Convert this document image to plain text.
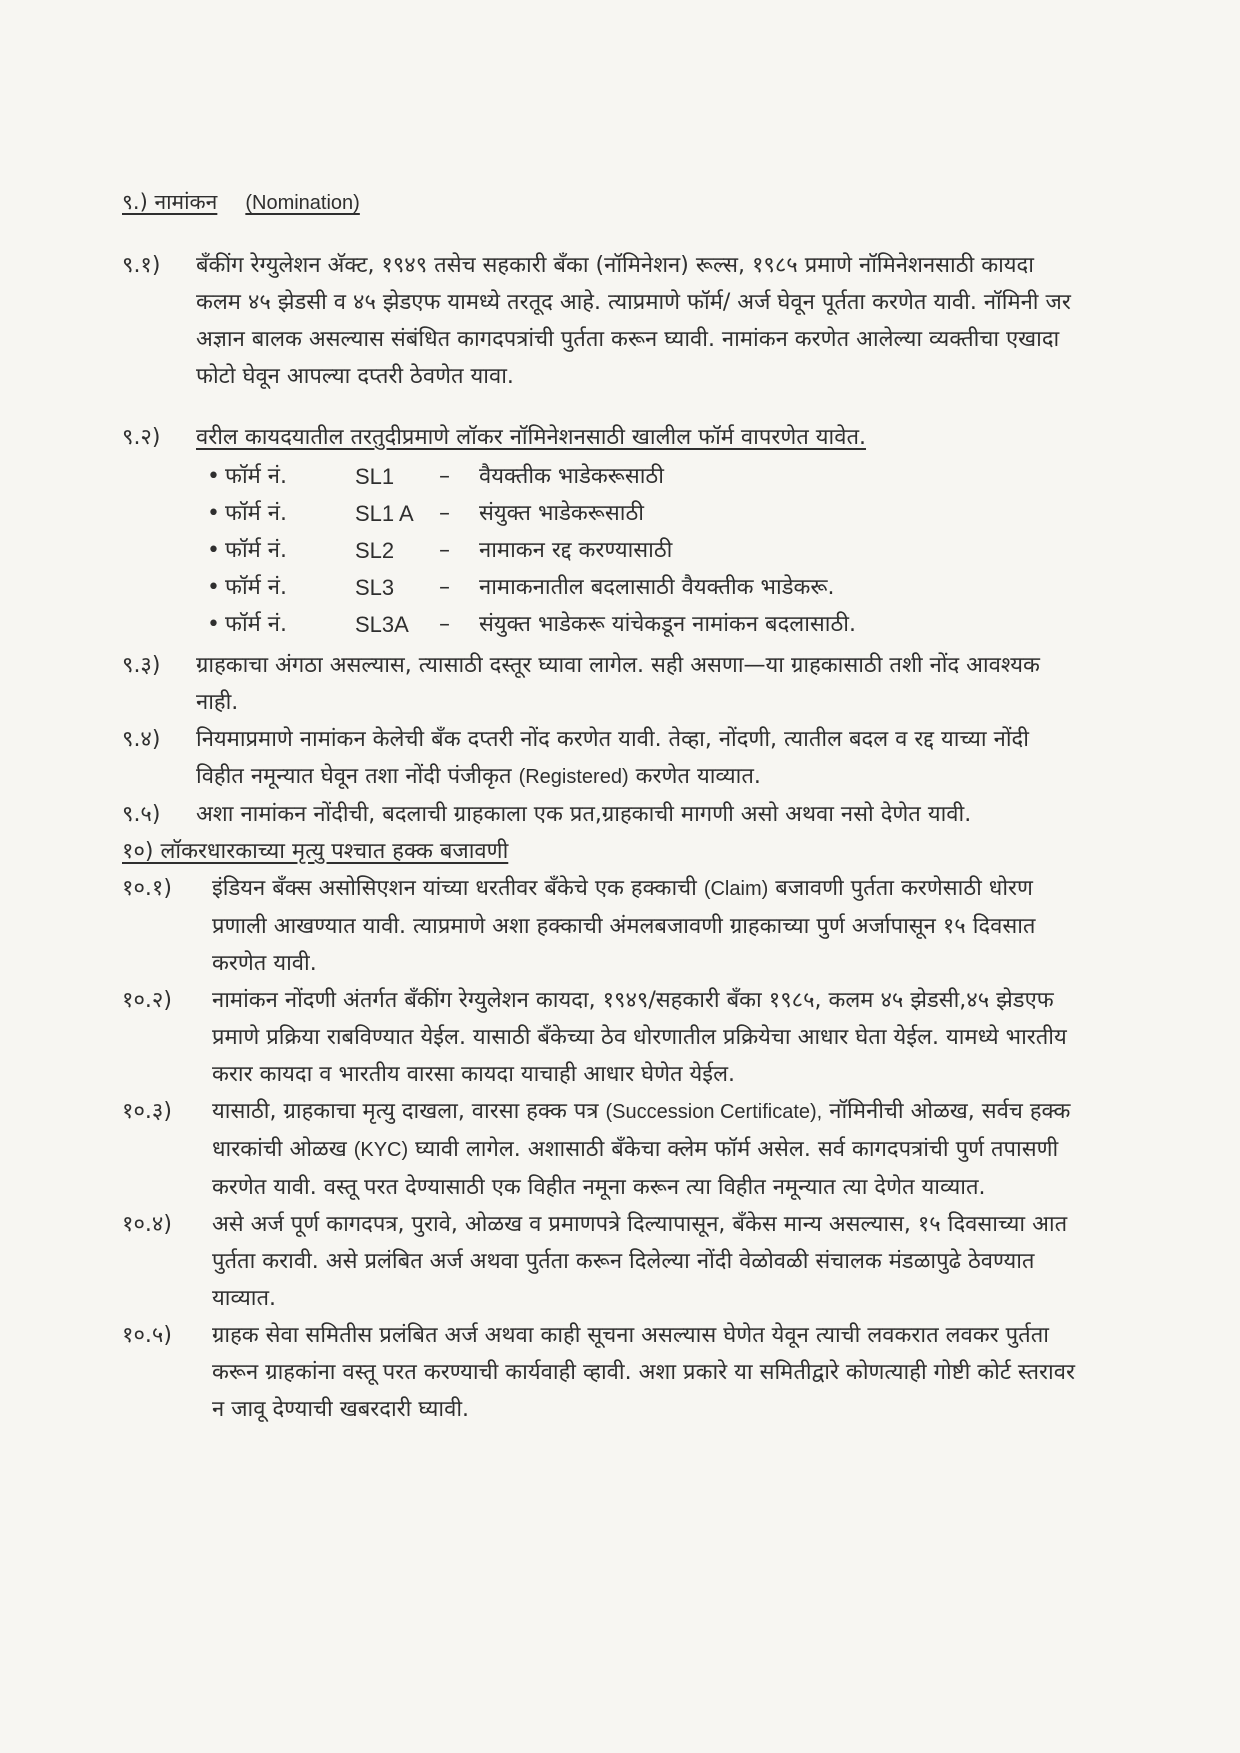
९.) नामांकन (Nomination)
९.१)	बँकींग रेग्युलेशन अ‍ॅक्ट, १९४९ तसेच सहकारी बँका (नॉमिनेशन) रूल्स, १९८५ प्रमाणे नॉमिनेशनसाठी कायदा कलम ४५ झेडसी व ४५ झेडएफ यामध्ये तरतूद आहे. त्याप्रमाणे फॉर्म/ अर्ज घेवून पूर्तता करणेत यावी. नॉमिनी जर अज्ञान बालक असल्यास संबंधित कागदपत्रांची पुर्तता करून घ्यावी. नामांकन करणेत आलेल्या व्यक्तीचा एखादा फोटो घेवून आपल्या दप्तरी ठेवणेत यावा.
९.२)	वरील कायदयातील तरतुदीप्रमाणे लॉकर नॉमिनेशनसाठी खालील फॉर्म वापरणेत यावेत.
• फॉर्म नं.	SL1	–	वैयक्तीक भाडेकरूसाठी
• फॉर्म नं.	SL1 A	–	संयुक्त भाडेकरूसाठी
• फॉर्म नं.	SL2	–	नामाकन रद्द करण्यासाठी
• फॉर्म नं.	SL3	–	नामाकनातील बदलासाठी वैयक्तीक भाडेकरू.
• फॉर्म नं.	SL3A	–	संयुक्त भाडेकरू यांचेकडून नामांकन बदलासाठी.
९.३)	ग्राहकाचा अंगठा असल्यास, त्यासाठी दस्तूर घ्यावा लागेल. सही असणा—या ग्राहकासाठी तशी नोंद आवश्यक नाही.
९.४)	नियमाप्रमाणे नामांकन केलेची बँक दप्तरी नोंद करणेत यावी. तेव्हा, नोंदणी, त्यातील बदल व रद्द याच्या नोंदी विहीत नमून्यात घेवून तशा नोंदी पंजीकृत (Registered) करणेत याव्यात.
९.५)	अशा नामांकन नोंदीची, बदलाची ग्राहकाला एक प्रत,ग्राहकाची मागणी असो अथवा नसो देणेत यावी.
१०) लॉकरधारकाच्या मृत्यु पश्चात हक्क बजावणी
१०.१)	इंडियन बँक्स असोसिएशन यांच्या धरतीवर बँकेचे एक हक्काची (Claim) बजावणी पुर्तता करणेसाठी धोरण प्रणाली आखण्यात यावी. त्याप्रमाणे अशा हक्काची अंमलबजावणी ग्राहकाच्या पुर्ण अर्जापासून १५ दिवसात करणेत यावी.
१०.२)	नामांकन नोंदणी अंतर्गत बँकींग रेग्युलेशन कायदा, १९४९/सहकारी बँका १९८५, कलम ४५ झेडसी,४५ झेडएफ प्रमाणे प्रक्रिया राबविण्यात येईल. यासाठी बँकेच्या ठेव धोरणातील प्रक्रियेचा आधार घेता येईल. यामध्ये भारतीय करार कायदा व भारतीय वारसा कायदा याचाही आधार घेणेत येईल.
१०.३)	यासाठी, ग्राहकाचा मृत्यु दाखला, वारसा हक्क पत्र (Succession Certificate), नॉमिनीची ओळख, सर्वच हक्क धारकांची ओळख (KYC) घ्यावी लागेल. अशासाठी बँकेचा क्लेम फॉर्म असेल. सर्व कागदपत्रांची पुर्ण तपासणी करणेत यावी. वस्तू परत देण्यासाठी एक विहीत नमूना करून त्या विहीत नमून्यात त्या देणेत याव्यात.
१०.४)	असे अर्ज पूर्ण कागदपत्र, पुरावे, ओळख व प्रमाणपत्रे दिल्यापासून, बँकेस मान्य असल्यास, १५ दिवसाच्या आत पुर्तता करावी. असे प्रलंबित अर्ज अथवा पुर्तता करून दिलेल्या नोंदी वेळोवळी संचालक मंडळापुढे ठेवण्यात याव्यात.
१०.५)	ग्राहक सेवा समितीस प्रलंबित अर्ज अथवा काही सूचना असल्यास घेणेत येवून त्याची लवकरात लवकर पुर्तता करून ग्राहकांना वस्तू परत करण्याची कार्यवाही व्हावी. अशा प्रकारे या समितीद्वारे कोणत्याही गोष्टी कोर्ट स्तरावर न जावू देण्याची खबरदारी घ्यावी.
